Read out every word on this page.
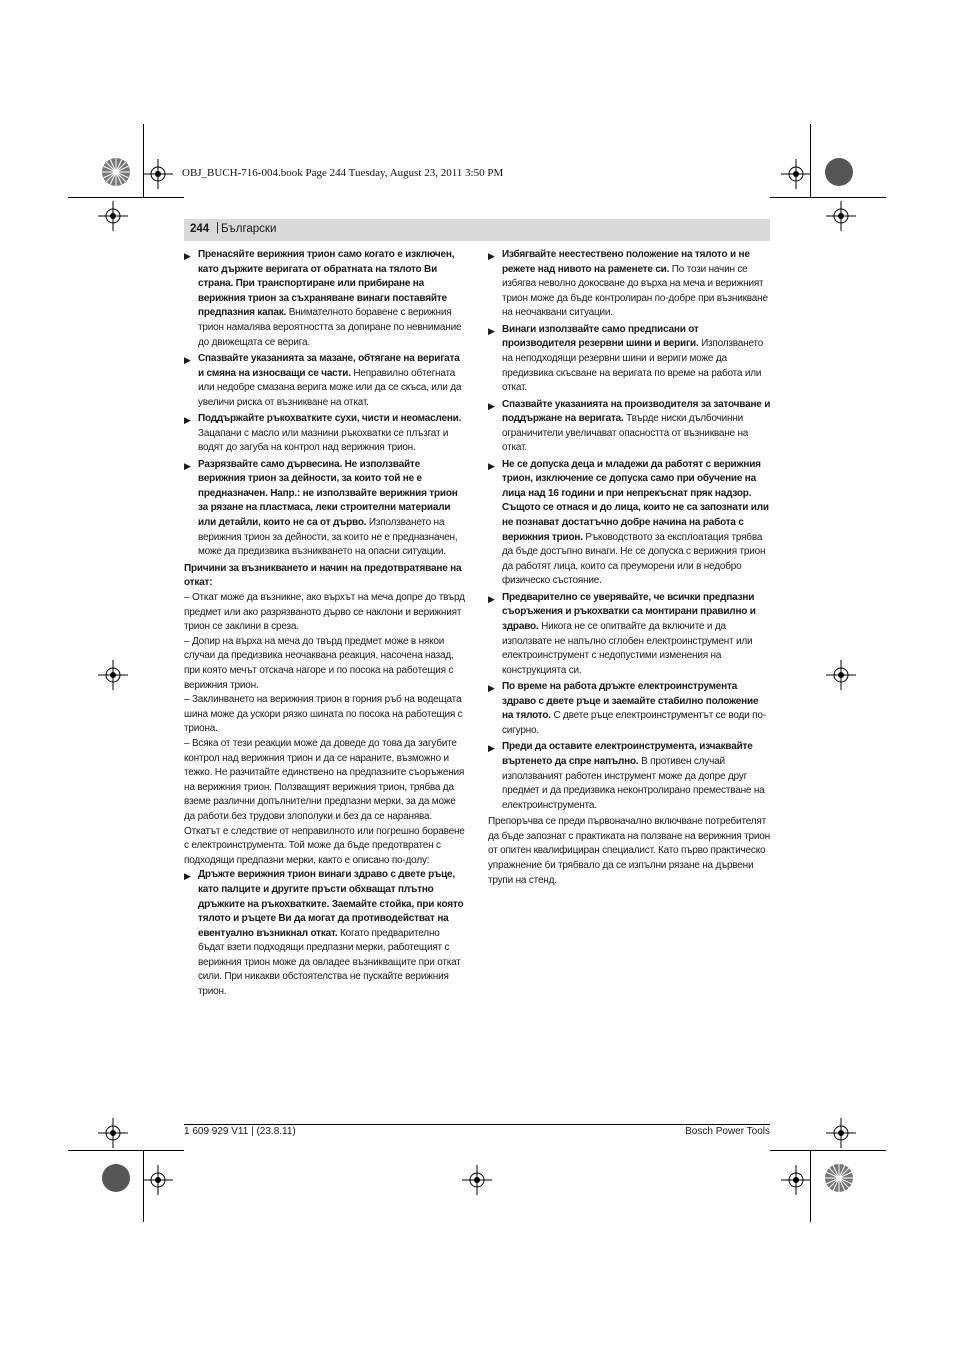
OBJ_BUCH-716-004.book Page 244 Tuesday, August 23, 2011 3:50 PM
244 | Български
▶ Пренасяйте верижния трион само когато е изключен, като държите веригата от обратната на тялото Ви страна. При транспортиране или прибиране на верижния трион за съхраняване винаги поставяйте предпазния капак. Внимателното боравене с верижния трион намалява вероятността за допиране по невнимание до движещата се верига.
▶ Спазвайте указанията за мазане, обтягане на веригата и смяна на износващи се части. Неправилно обтегната или недобре смазана верига може или да се скъса, или да увеличи риска от възникване на откат.
▶ Поддържайте ръкохватките сухи, чисти и неомаслени. Зацапани с масло или мазнини ръкохватки се плъзгат и водят до загуба на контрол над верижния трион.
▶ Разрязвайте само дървесина. Не използвайте верижния трион за дейности, за които той не е предназначен. Напр.: не използвайте верижния трион за рязане на пластмаса, леки строителни материали или детайли, които не са от дърво. Използването на верижния трион за дейности, за които не е предназначен, може да предизвика възникването на опасни ситуации.
Причини за възникването и начин на предотвратяване на откат:
– Откат може да възникне, ако върхът на меча допре до твърд предмет или ако разрязваното дърво се наклони и верижният трион се заклини в среза.
– Допир на върха на меча до твърд предмет може в някои случаи да предизвика неочаквана реакция, насочена назад, при която мечът отскача нагоре и по посока на работещия с верижния трион.
– Заклинването на верижния трион в горния ръб на водещата шина може да ускори рязко шината по посока на работещия с триона.
– Всяка от тези реакции може да доведе до това да загубите контрол над верижния трион и да се нараните, възможно и тежко. Не разчитайте единствено на предпазните съоръжения на верижния трион. Ползващият верижния трион, трябва да вземе различни допълнителни предпазни мерки, за да може да работи без трудови злополуки и без да се наранява.
Откатът е следствие от неправилното или погрешно боравене с електроинструмента. Той може да бъде предотвратен с подходящи предпазни мерки, както е описано по-долу:
▶ Дръжте верижния трион винаги здраво с двете ръце, като палците и другите пръсти обхващат плътно дръжките на ръкохватките. Заемайте стойка, при която тялото и ръцете Ви да могат да противодействат на евентуално възникнал откат. Когато предварително бъдат взети подходящи предпазни мерки, работещият с верижния трион може да овладее възникващите при откат сили. При никакви обстоятелства не пускайте верижния трион.
▶ Избягвайте неестествено положение на тялото и не режете над нивото на раменете си. По този начин се избягва неволно докосване до върха на меча и верижният трион може да бъде контролиран по-добре при възникване на неочаквани ситуации.
▶ Винаги използвайте само предписани от производителя резервни шини и вериги. Използването на неподходящи резервни шини и вериги може да предизвика скъсване на веригата по време на работа или откат.
▶ Спазвайте указанията на производителя за заточване и поддържане на веригата. Твърде ниски дълбочинни ограничители увеличават опасността от възникване на откат.
▶ Не се допуска деца и младежи да работят с верижния трион, изключение се допуска само при обучение на лица над 16 години и при непрекъснат пряк надзор. Същото се отнася и до лица, които не са запознати или не познават достатъчно добре начина на работа с верижния трион. Ръководството за експлоатация трябва да бъде достъпно винаги. Не се допуска с верижния трион да работят лица, които са преуморени или в недобро физическо състояние.
▶ Предварително се уверявайте, че всички предпазни съоръжения и ръкохватки са монтирани правилно и здраво. Никога не се опитвайте да включите и да използвате не напълно сглобен електроинструмент или електроинструмент с недопустими изменения на конструкцията си.
▶ По време на работа дръжте електроинструмента здраво с двете ръце и заемайте стабилно положение на тялото. С двете ръце електроинструментът се води по-сигурно.
▶ Преди да оставите електроинструмента, изчаквайте въртенето да спре напълно. В противен случай използваният работен инструмент може да допре друг предмет и да предизвика неконтролирано преместване на електроинструмента.
Препоръчва се преди първоначално включване потребителят да бъде запознат с практиката на ползване на верижния трион от опитен квалифициран специалист. Като първо практическо упражнение би трябвало да се изпълни рязане на дървени трупи на стенд.
1 609 929 V11 | (23.8.11)	Bosch Power Tools
